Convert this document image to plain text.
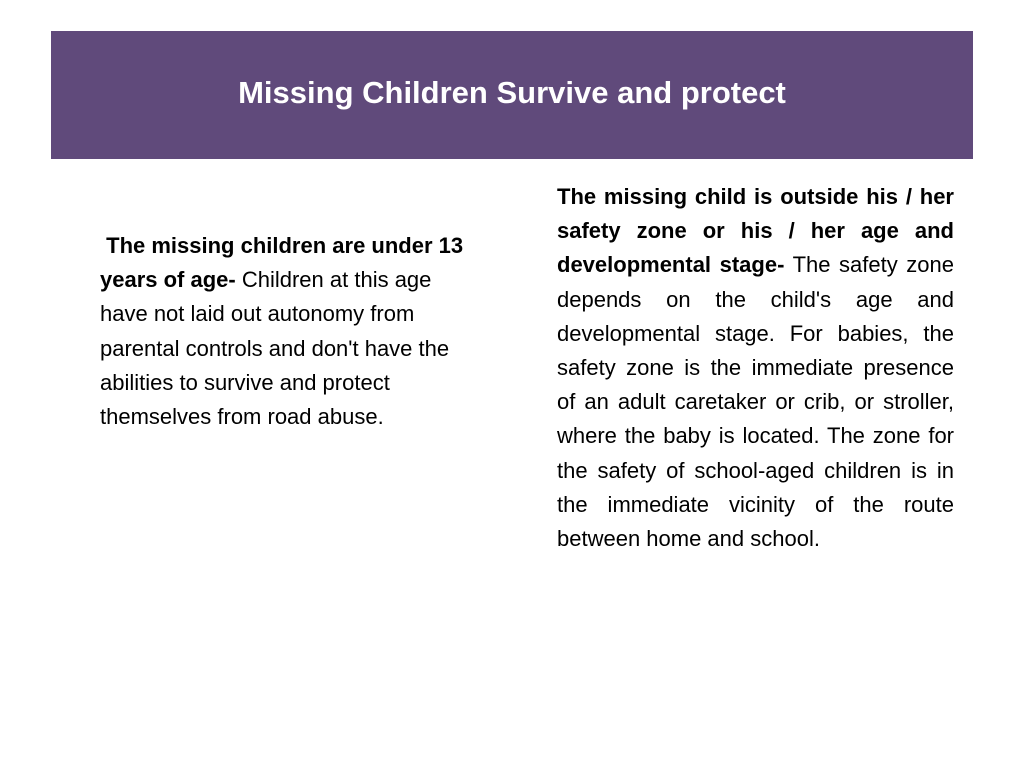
Missing Children Survive and protect

The missing children are under 13 years of age- Children at this age have not laid out autonomy from parental controls and don't have the abilities to survive and protect themselves from road abuse.

The missing child is outside his / her safety zone or his / her age and developmental stage- The safety zone depends on the child's age and developmental stage. For babies, the safety zone is the immediate presence of an adult caretaker or crib, or stroller, where the baby is located. The zone for the safety of school-aged children is in the immediate vicinity of the route between home and school.
